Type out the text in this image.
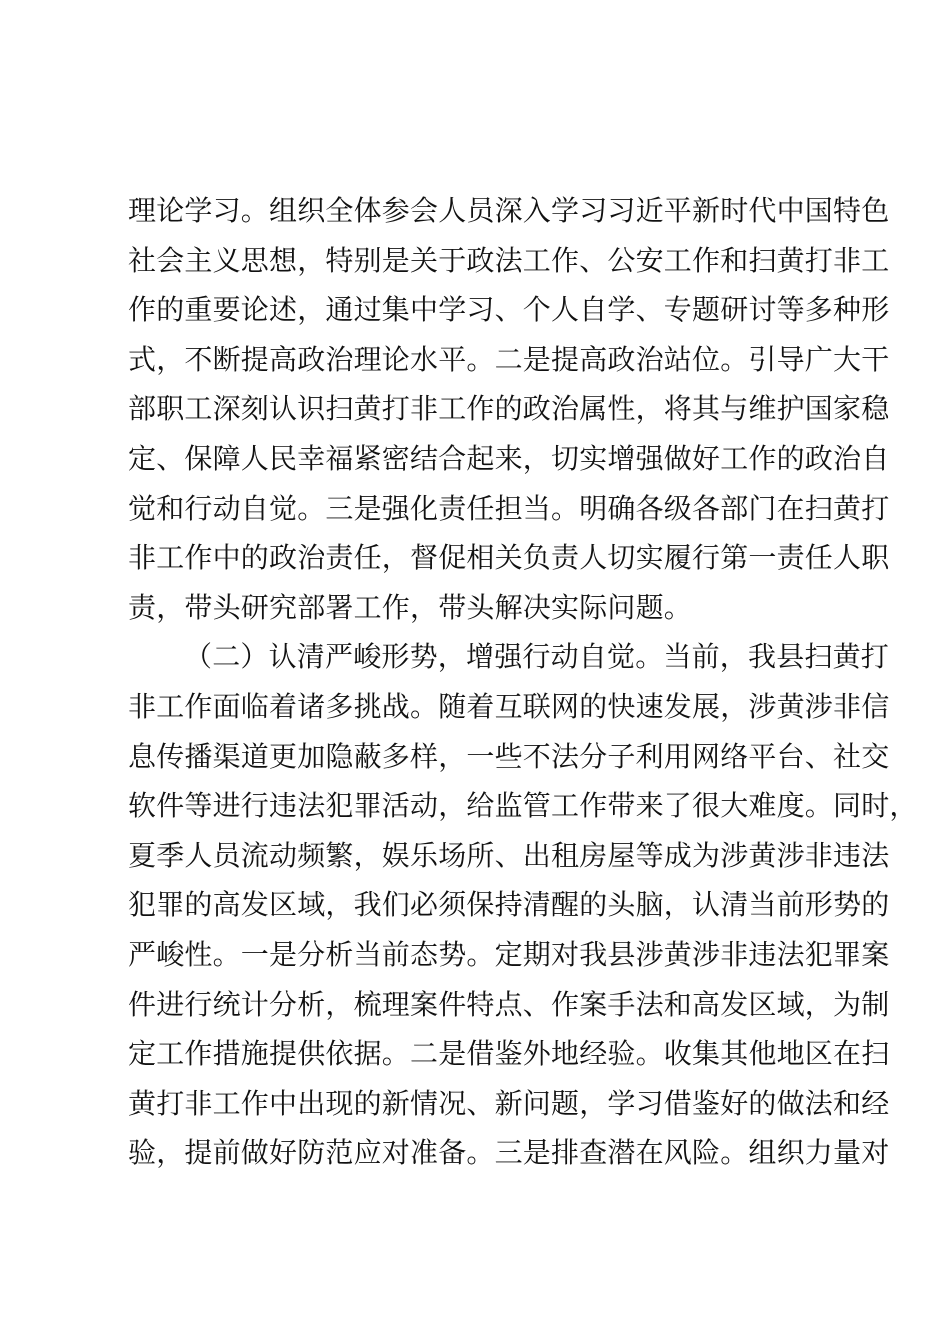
理论学习。组织全体参会人员深入学习习近平新时代中国特色
社会主义思想，特别是关于政法工作、公安工作和扫黄打非工
作的重要论述，通过集中学习、个人自学、专题研讨等多种形
式，不断提高政治理论水平。二是提高政治站位。引导广大干
部职工深刻认识扫黄打非工作的政治属性，将其与维护国家稳
定、保障人民幸福紧密结合起来，切实增强做好工作的政治自
觉和行动自觉。三是强化责任担当。明确各级各部门在扫黄打
非工作中的政治责任，督促相关负责人切实履行第一责任人职
责，带头研究部署工作，带头解决实际问题。
（二）认清严峻形势，增强行动自觉。当前，我县扫黄打
非工作面临着诸多挑战。随着互联网的快速发展，涉黄涉非信
息传播渠道更加隐蔽多样，一些不法分子利用网络平台、社交
软件等进行违法犯罪活动，给监管工作带来了很大难度。同时，
夏季人员流动频繁，娱乐场所、出租房屋等成为涉黄涉非违法
犯罪的高发区域，我们必须保持清醒的头脑，认清当前形势的
严峻性。一是分析当前态势。定期对我县涉黄涉非违法犯罪案
件进行统计分析，梳理案件特点、作案手法和高发区域，为制
定工作措施提供依据。二是借鉴外地经验。收集其他地区在扫
黄打非工作中出现的新情况、新问题，学习借鉴好的做法和经
验，提前做好防范应对准备。三是排查潜在风险。组织力量对
